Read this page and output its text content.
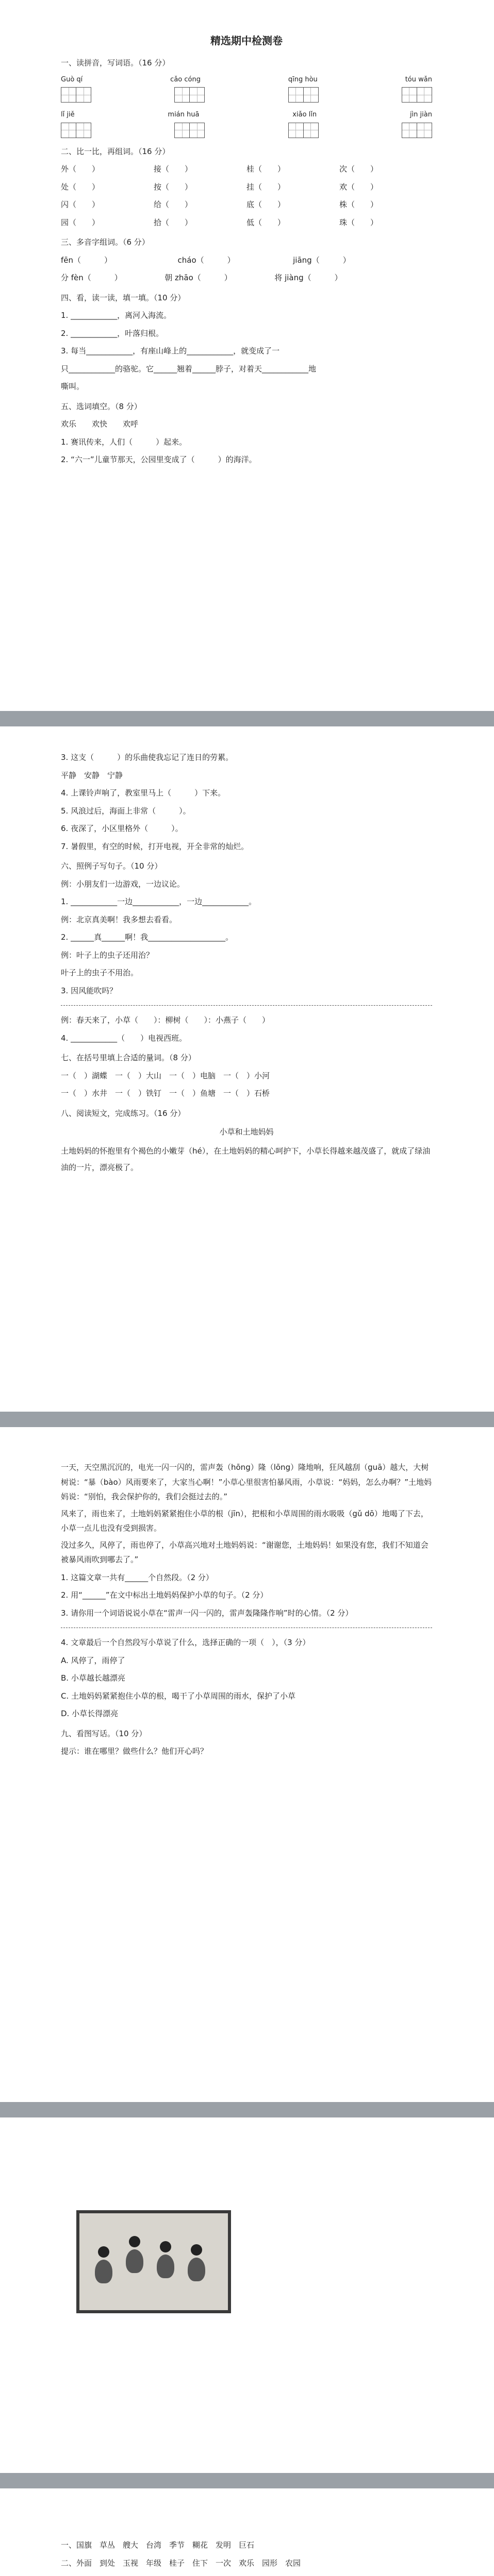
精选期中检测卷
一、读拼音，写词语。（16 分）
Guò qí	cǎo cóng	qīng hòu	tóu wǎn
lǐ jiě	mián huā	xiǎo lǐn	jìn jiàn
二、比一比，再组词。（16 分）
外（　　）	接（　　）	桂（　　）	次（　　）
处（　　）	按（　　）	挂（　　）	欢（　　）
闪（　　）	给（　　）	底（　　）	株（　　）
园（　　）	拾（　　）	低（　　）	珠（　　）
三、多音字组词。（6 分）
fēn（　　　）　　　　　　　　　cháo（　　　）　　　　　　　　jiāng（　　　）
分 fèn（　　　）　　　　　　朝 zhāo（　　　）　　　　　　将 jiàng（　　　）
四、看，读一读，填一填。（10 分）
1. ____________，离河入海流。
2. ____________，叶落归根。
3. 每当____________，有座山峰上的____________，就变成了一
只____________的骆驼。它______翘着______脖子，对着天____________地
嘶叫。
五、选词填空。（8 分）
欢乐　　欢快　　欢呼
1. 赛讯传来，人们（　　　）起来。
2. “六一”儿童节那天，公园里变成了（　　　）的海洋。
3. 这支（　　　）的乐曲使我忘记了连日的劳累。
平静　安静　宁静
4. 上课铃声响了，教室里马上（　　　）下来。
5. 风浪过后，海面上非常（　　　）。
6. 夜深了，小区里格外（　　　）。
7. 暑假里，有空的时候，打开电视，开全非常的灿烂。
六、照例子写句子。（10 分）
例：小朋友们一边游戏，一边议论。
1. ____________一边____________，一边____________。
例：北京真美啊！我多想去看看。
2. ______真______啊！我____________________。
例：叶子上的虫子还用治？
叶子上的虫子不用治。
3. 因风能吹吗？
例：春天来了，小草（　　）：柳树（　　）：小燕子（　　）
4. ____________（　　）电视西班。
七、在括号里填上合适的量词。（8 分）
一（　）湖蝶　一（　）大山　一（　）电脑　一（　）小河
一（　）水井　一（　）铁钉　一（　）鱼塘　一（　）石桥
八、阅读短文，完成练习。（16 分）
小草和土地妈妈

土地妈妈的怀抱里有个褐色的小嫩芽（hé），在土地妈妈的精心呵护下，小草长得越来越茂盛了，就成了绿油

油的一片，漂亮极了。

一天，天空黑沉沉的，电光一闪一闪的，雷声轰（hōng）隆（lōng）隆地响，狂风越刮（guā）越大，大树树说：“暴（bào）风雨要来了，大家当心啊！”小草心里很害怕暴风雨，小草说：“妈妈，怎么办啊？”土地妈妈说：“别怕，我会保护你的，我们会挺过去的。”

风来了，雨也来了，土地妈妈紧紧抱住小草的根（jīn），把根和小草周围的雨水吸吸（gǔ dō）地喝了下去，小草一点儿也没有受到损害。

没过多久，风停了，雨也停了，小草高兴地对土地妈妈说：“谢谢您，土地妈妈！如果没有您，我们不知道会被暴风雨吹到哪去了。”

1. 这篇文章一共有______个自然段。（2 分）
2. 用“______”在文中标出土地妈妈保护小草的句子。（2 分）
3. 请你用一个词语说说小草在“雷声一闪一闪的，雷声轰隆隆作响”时的心情。（2 分）
4. 文章最后一个自然段写小草说了什么，选择正确的一项（　），（3 分）
A. 风停了，雨停了
B. 小草越长越漂亮
C. 土地妈妈紧紧抱住小草的根，喝干了小草周围的雨水，保护了小草
D. 小草长得漂亮
九、看图写话。（10 分）
提示：谁在哪里？做些什么？他们开心吗？
一、国旗　草丛　艘大　台湾　季节　糊花　发明　巨石
二、外面　到处　玉视　年级　桂子　住下　一次　欢乐　园形　农园
